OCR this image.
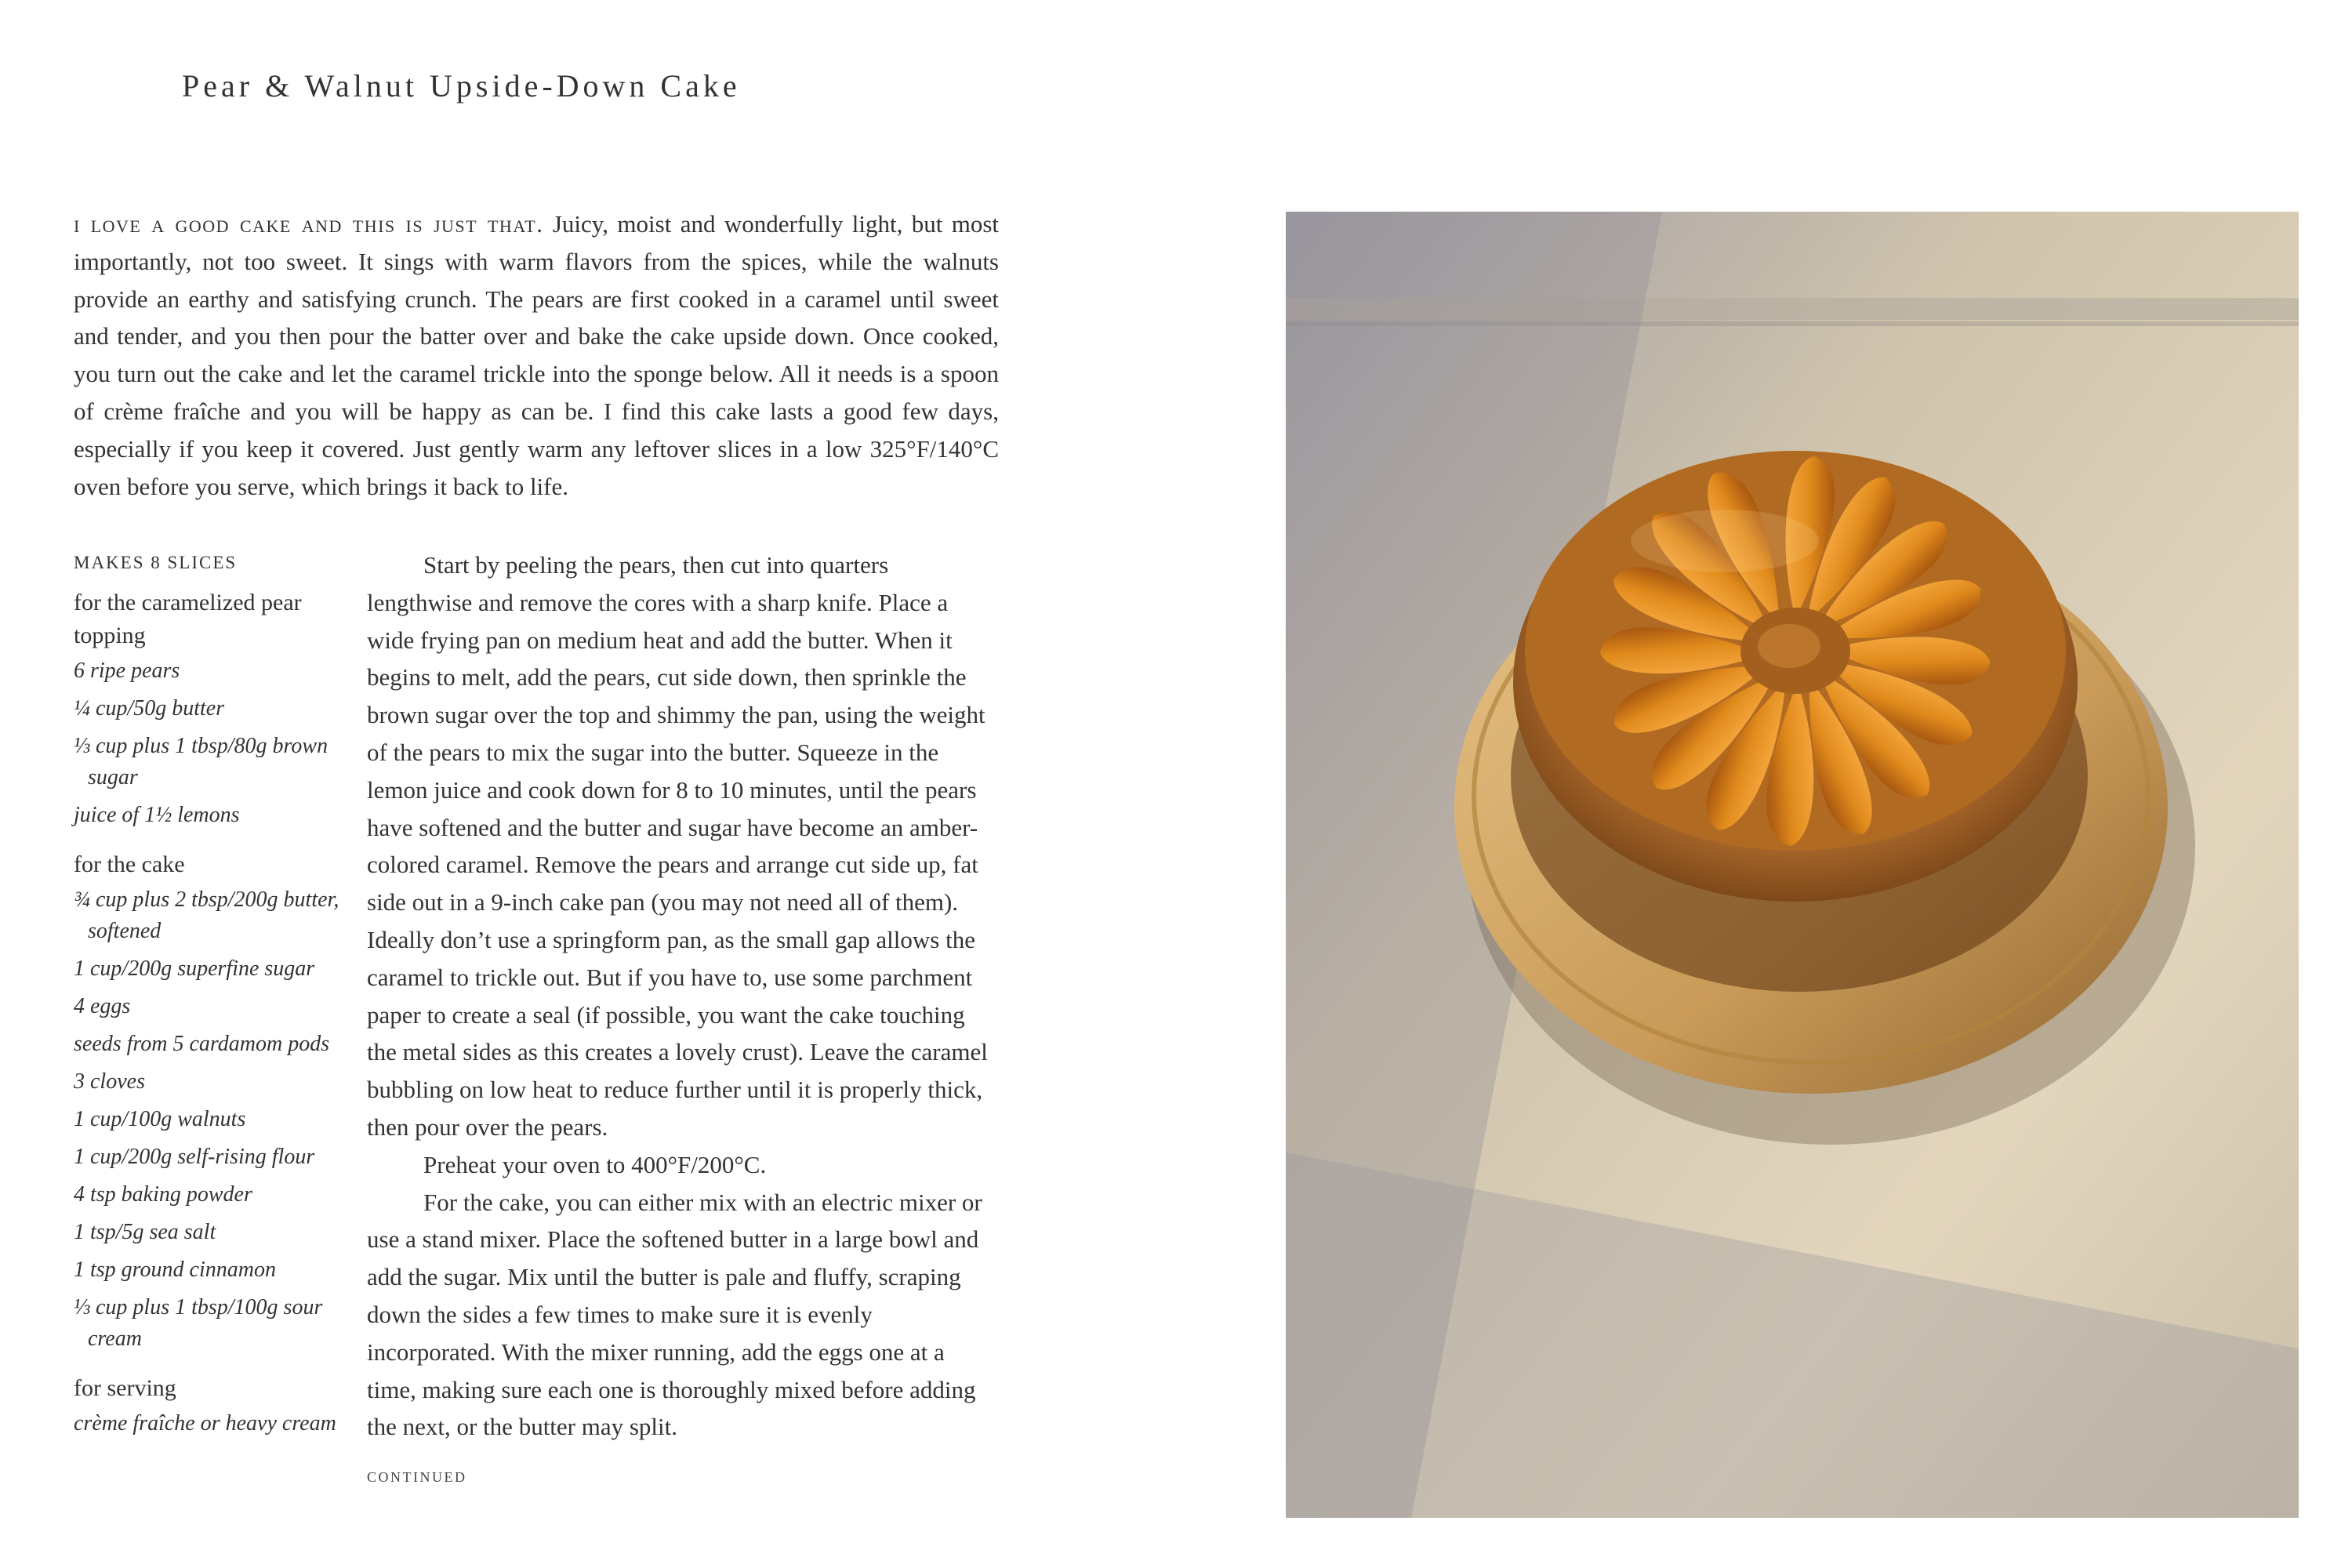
Pear & Walnut Upside-Down Cake

i love a good cake and this is just that. Juicy, moist and wonderfully light, but most importantly, not too sweet. It sings with warm flavors from the spices, while the walnuts provide an earthy and satisfying crunch. The pears are first cooked in a caramel until sweet and tender, and you then pour the batter over and bake the cake upside down. Once cooked, you turn out the cake and let the caramel trickle into the sponge below. All it needs is a spoon of crème fraîche and you will be happy as can be. I find this cake lasts a good few days, especially if you keep it covered. Just gently warm any leftover slices in a low 325°F/140°C oven before you serve, which brings it back to life.

MAKES 8 SLICES
for the caramelized pear topping
6 ripe pears
¼ cup/50g butter
⅓ cup plus 1 tbsp/80g brown sugar
juice of 1½ lemons
for the cake
¾ cup plus 2 tbsp/200g butter, softened
1 cup/200g superfine sugar
4 eggs
seeds from 5 cardamom pods
3 cloves
1 cup/100g walnuts
1 cup/200g self-rising flour
4 tsp baking powder
1 tsp/5g sea salt
1 tsp ground cinnamon
⅓ cup plus 1 tbsp/100g sour cream
for serving
crème fraîche or heavy cream

Start by peeling the pears, then cut into quarters lengthwise and remove the cores with a sharp knife. Place a wide frying pan on medium heat and add the butter. When it begins to melt, add the pears, cut side down, then sprinkle the brown sugar over the top and shimmy the pan, using the weight of the pears to mix the sugar into the butter. Squeeze in the lemon juice and cook down for 8 to 10 minutes, until the pears have softened and the butter and sugar have become an amber-colored caramel. Remove the pears and arrange cut side up, fat side out in a 9-inch cake pan (you may not need all of them). Ideally don’t use a springform pan, as the small gap allows the caramel to trickle out. But if you have to, use some parchment paper to create a seal (if possible, you want the cake touching the metal sides as this creates a lovely crust). Leave the caramel bubbling on low heat to reduce further until it is properly thick, then pour over the pears.

Preheat your oven to 400°F/200°C.

For the cake, you can either mix with an electric mixer or use a stand mixer. Place the softened butter in a large bowl and add the sugar. Mix until the butter is pale and fluffy, scraping down the sides a few times to make sure it is evenly incorporated. With the mixer running, add the eggs one at a time, making sure each one is thoroughly mixed before adding the next, or the butter may split.

CONTINUED
